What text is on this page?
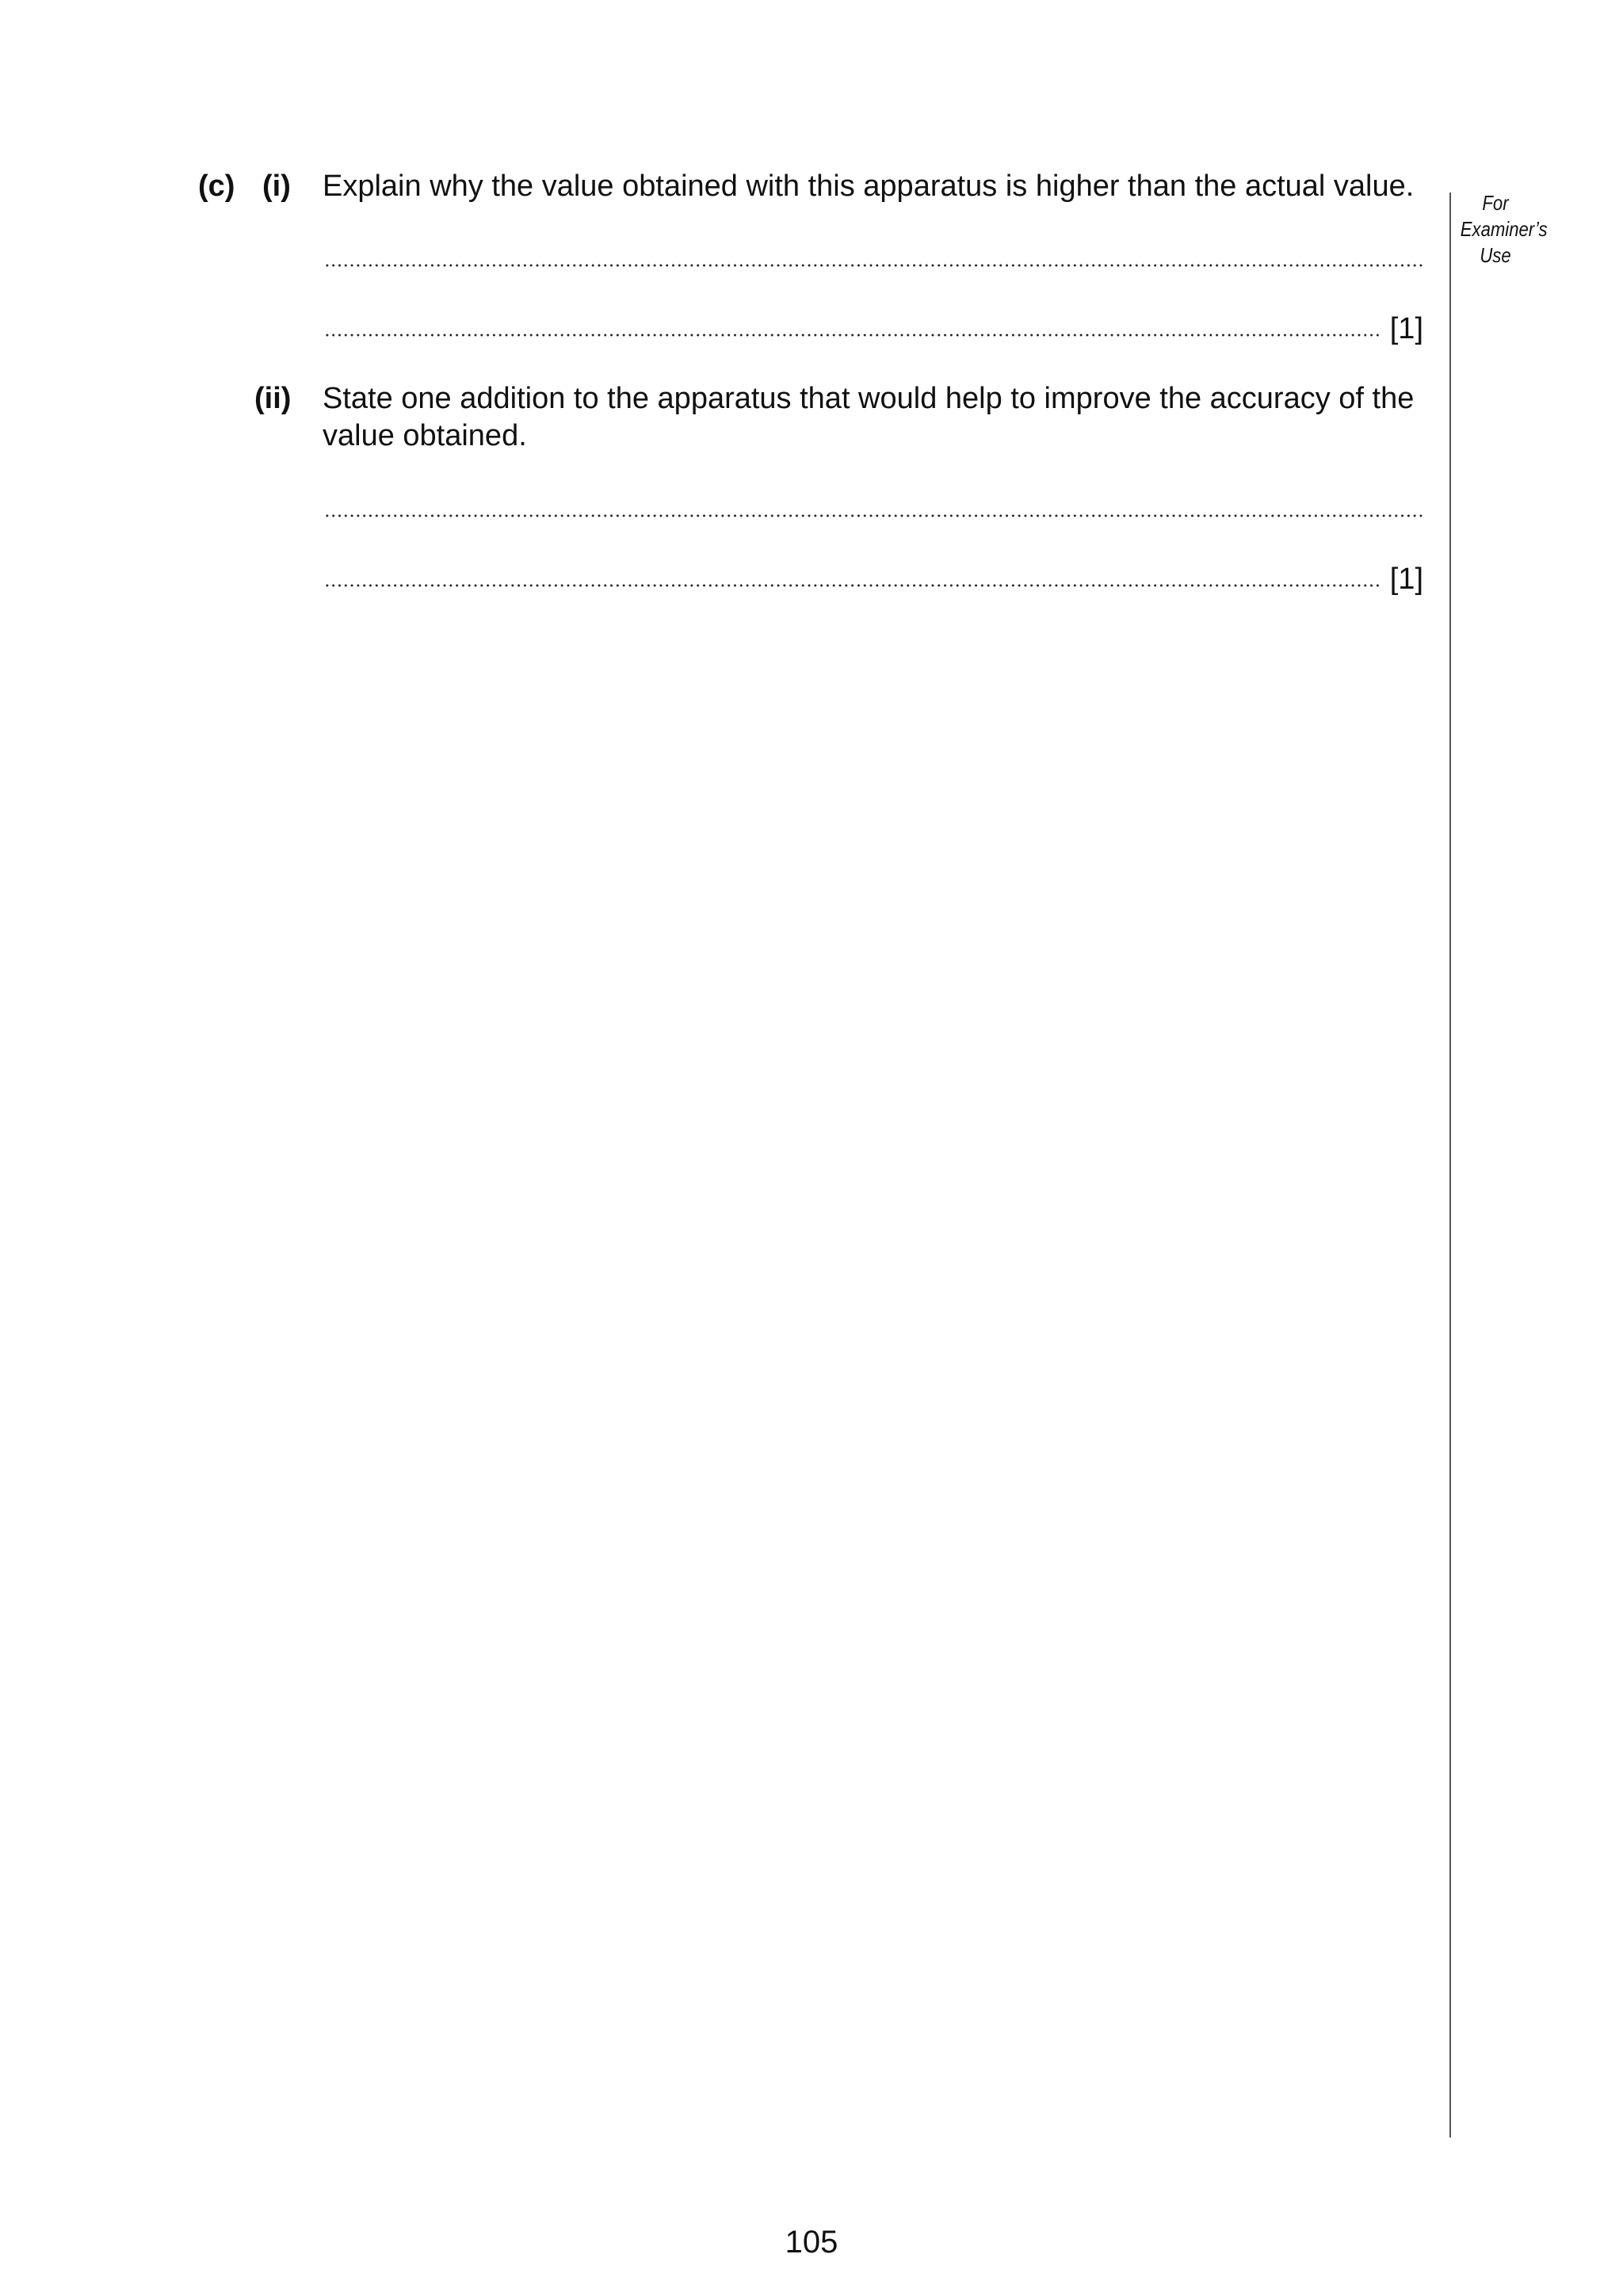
For
Examiner’s
Use
(c) (i) Explain why the value obtained with this apparatus is higher than the actual value.
[1]
(ii) State one addition to the apparatus that would help to improve the accuracy of the
value obtained.
[1]
105
